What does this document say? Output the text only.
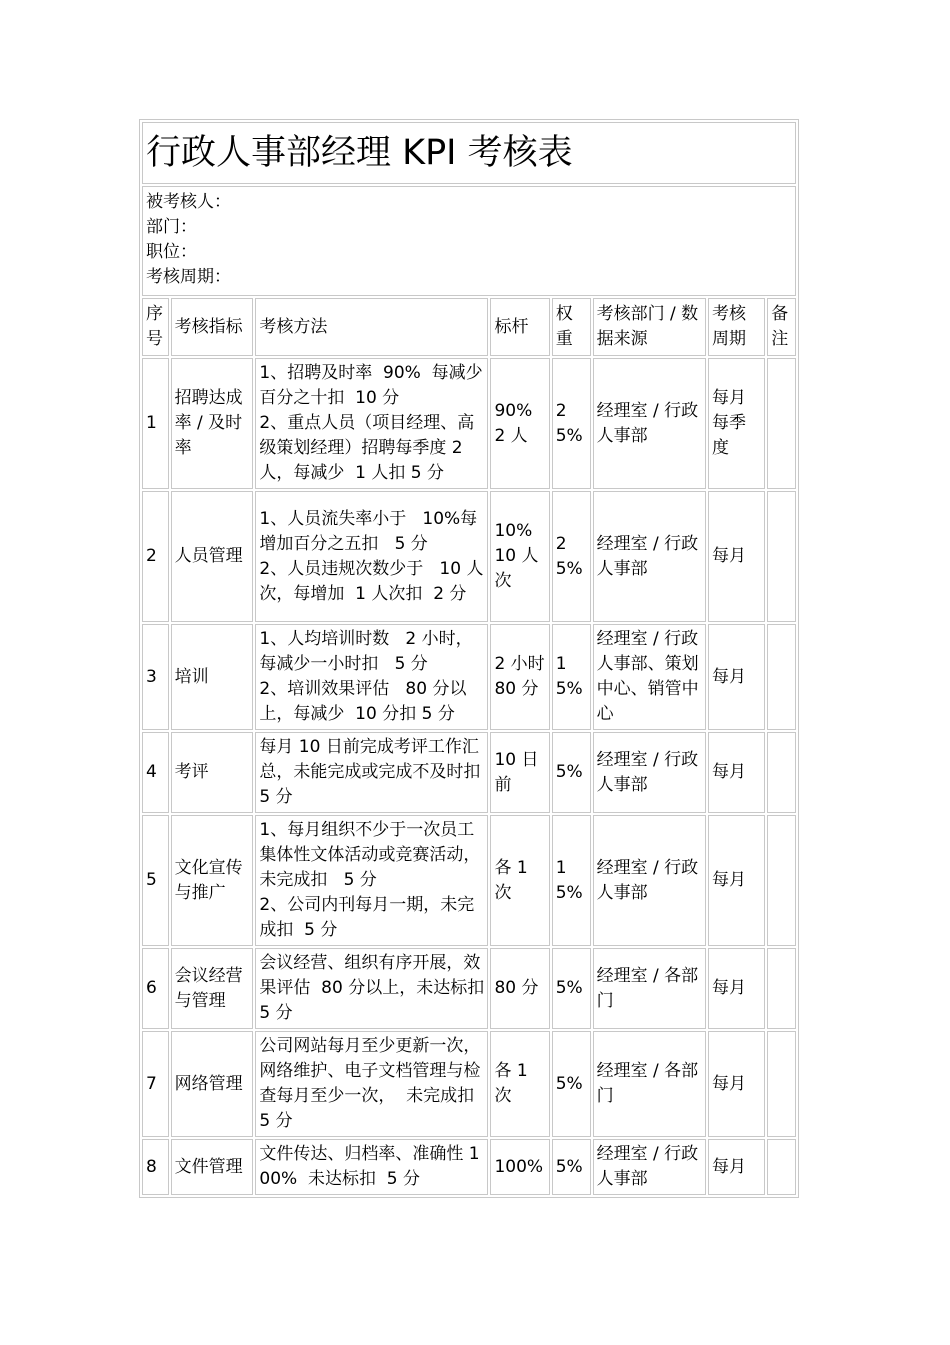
行政人事部经理 KPI 考核表							

被考核人：
部门：
职位：
考核周期：							

序号	考核指标	考核方法	标杆	权重	考核部门 / 数据来源	考核周期	备注
1	招聘达成率 / 及时率	1、招聘及时率  90%  每减少百分之十扣  10 分
2、重点人员（项目经理、高级策划经理）招聘每季度 2 人，每减少  1 人扣 5 分	90%
2 人	25%	经理室 / 行政人事部	每月
每季度	
2	人员管理	1、人员流失率小于   10%每增加百分之五扣   5 分
2、人员违规次数少于   10 人次，每增加  1 人次扣  2 分	10%
10 人次	25%	经理室 / 行政人事部	每月	
3	培训	1、人均培训时数   2 小时，每减少一小时扣   5 分
2、培训效果评估   80 分以上，每减少  10 分扣 5 分	2 小时
80 分	15%	经理室 / 行政人事部、策划中心、销管中心	每月	
4	考评	每月 10 日前完成考评工作汇总，未能完成或完成不及时扣 5 分	10 日前	5%	经理室 / 行政人事部	每月	
5	文化宣传与推广	1、每月组织不少于一次员工集体性文体活动或竞赛活动，未完成扣   5 分
2、公司内刊每月一期，未完成扣  5 分	各 1 次	15%	经理室 / 行政人事部	每月	
6	会议经营与管理	会议经营、组织有序开展，效果评估  80 分以上，未达标扣 5 分	80 分	5%	经理室 / 各部门	每月	
7	网络管理	公司网站每月至少更新一次，网络维护、电子文档管理与检查每月至少一次，  未完成扣  5 分	各 1 次	5%	经理室 / 各部门	每月	
8	文件管理	文件传达、归档率、准确性 100%  未达标扣  5 分	100%	5%	经理室 / 行政人事部	每月	
